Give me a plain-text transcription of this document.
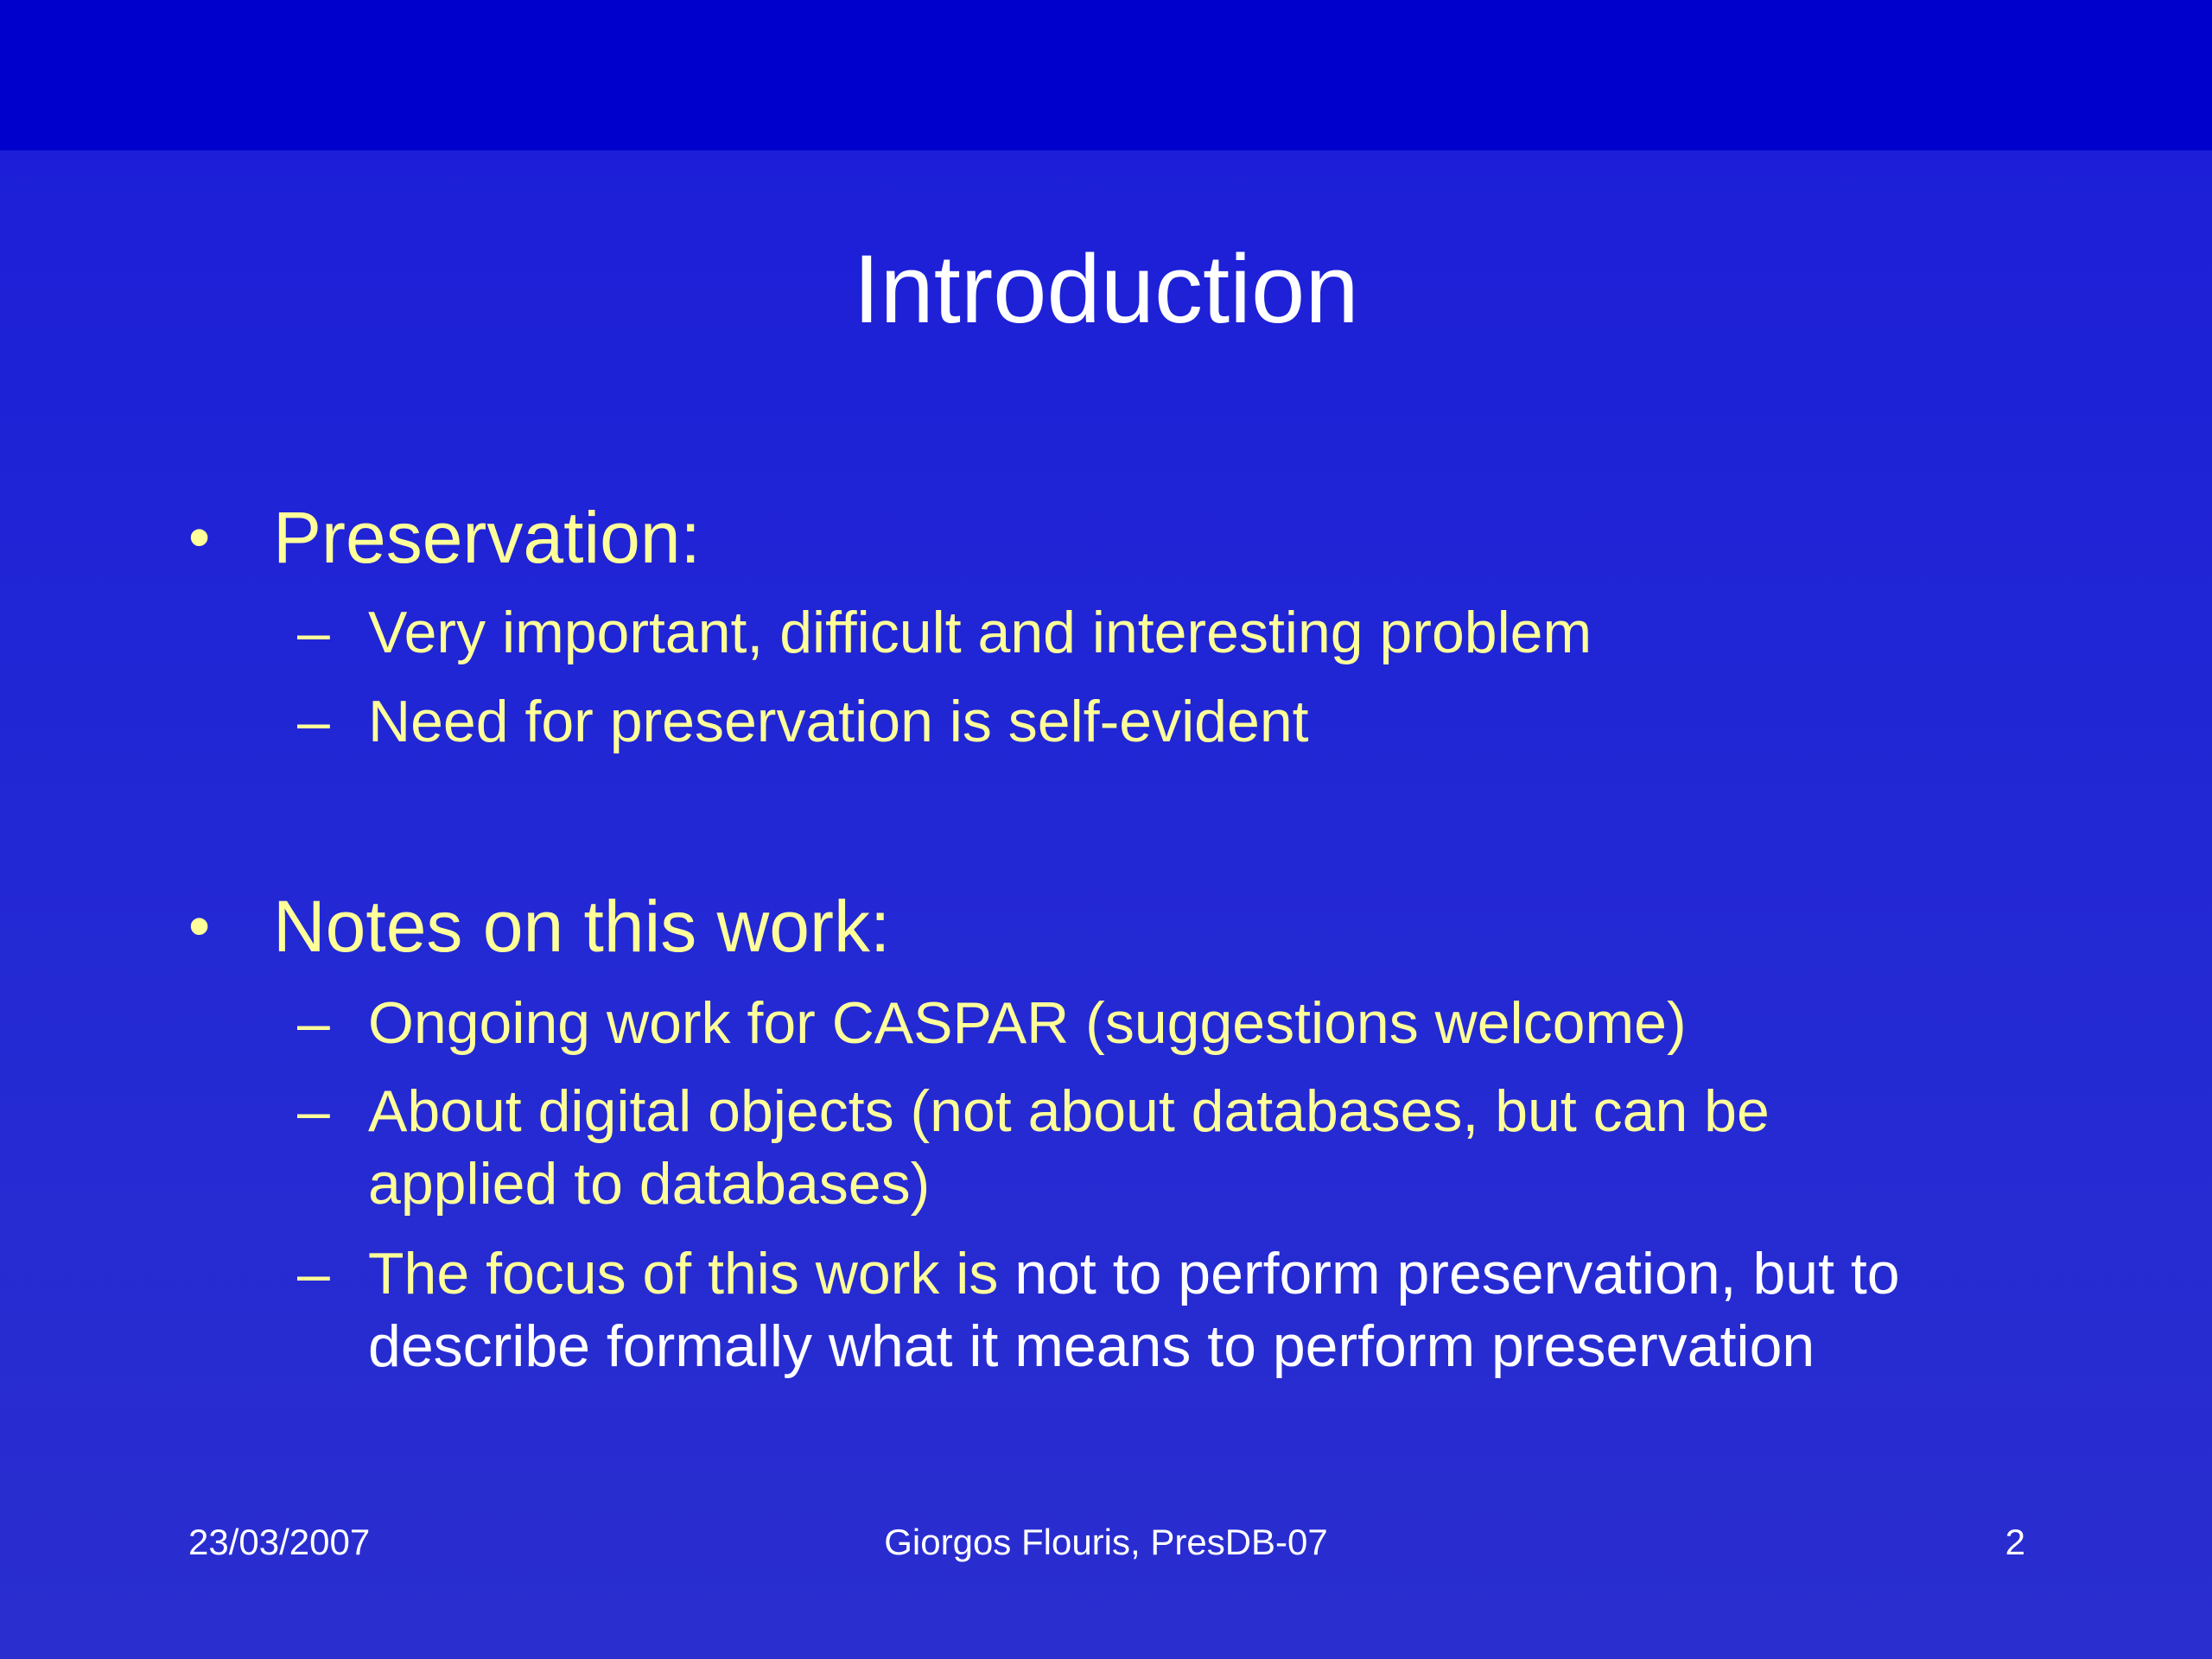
Introduction
• Preservation:
– Very important, difficult and interesting problem
– Need for preservation is self-evident
• Notes on this work:
– Ongoing work for CASPAR (suggestions welcome)
– About digital objects (not about databases, but can be
applied to databases)
– The focus of this work is not to perform preservation, but to
describe formally what it means to perform preservation
23/03/2007	Giorgos Flouris, PresDB-07	2
